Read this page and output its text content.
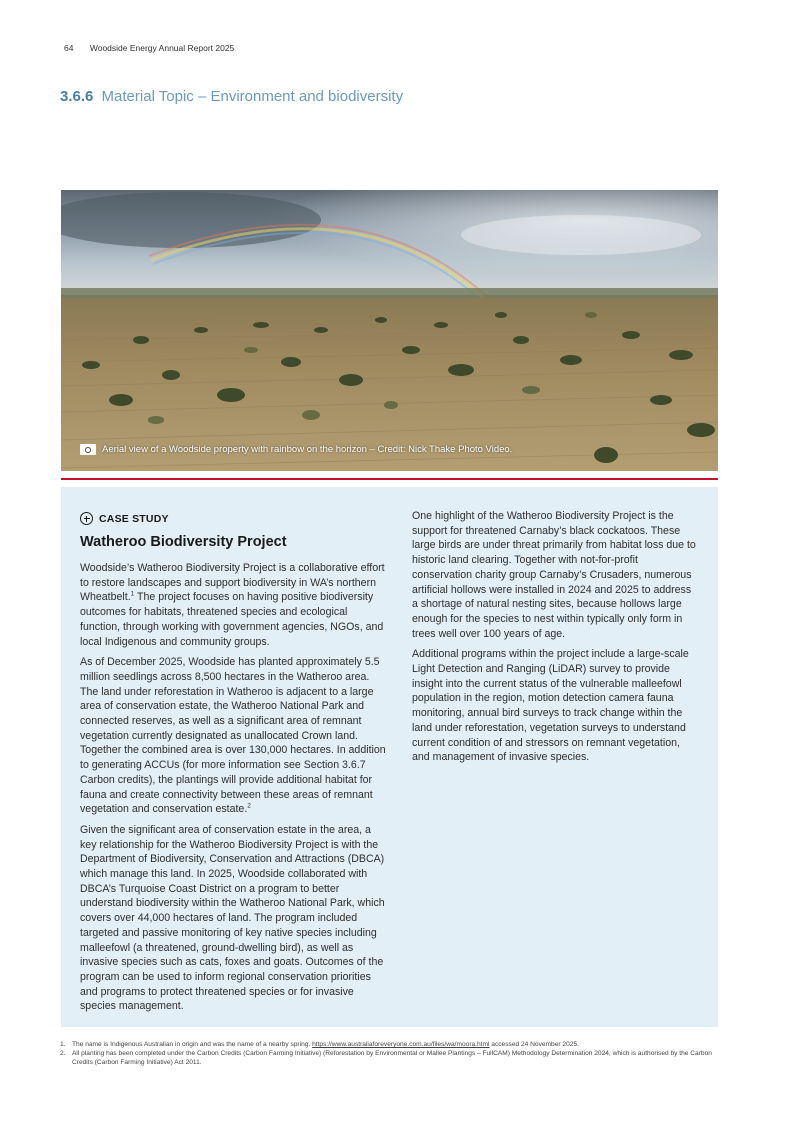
64 Woodside Energy Annual Report 2025
3.6.6 Material Topic – Environment and biodiversity
Aerial view of a Woodside property with rainbow on the horizon – Credit: Nick Thake Photo Video.
CASE STUDY
Watheroo Biodiversity Project

Woodside’s Watheroo Biodiversity Project is a collaborative effort to restore landscapes and support biodiversity in WA’s northern Wheatbelt.$^1$ The project focuses on having positive biodiversity outcomes for habitats, threatened species and ecological function, through working with government agencies, NGOs, and local Indigenous and community groups.

As of December 2025, Woodside has planted approximately 5.5 million seedlings across 8,500 hectares in the Watheroo area. The land under reforestation in Watheroo is adjacent to a large area of conservation estate, the Watheroo National Park and connected reserves, as well as a significant area of remnant vegetation currently designated as unallocated Crown land. Together the combined area is over 130,000 hectares. In addition to generating ACCUs (for more information see Section 3.6.7 Carbon credits), the plantings will provide additional habitat for fauna and create connectivity between these areas of remnant vegetation and conservation estate.$^2$

Given the significant area of conservation estate in the area, a key relationship for the Watheroo Biodiversity Project is with the Department of Biodiversity, Conservation and Attractions (DBCA) which manage this land. In 2025, Woodside collaborated with DBCA’s Turquoise Coast District on a program to better understand biodiversity within the Watheroo National Park, which covers over 44,000 hectares of land. The program included targeted and passive monitoring of key native species including malleefowl (a threatened, ground-dwelling bird), as well as invasive species such as cats, foxes and goats. Outcomes of the program can be used to inform regional conservation priorities and programs to protect threatened species or for invasive species management.

One highlight of the Watheroo Biodiversity Project is the support for threatened Carnaby’s black cockatoos. These large birds are under threat primarily from habitat loss due to historic land clearing. Together with not-for-profit conservation charity group Carnaby’s Crusaders, numerous artificial hollows were installed in 2024 and 2025 to address a shortage of natural nesting sites, because hollows large enough for the species to nest within typically only form in trees well over 100 years of age.

Additional programs within the project include a large-scale Light Detection and Ranging (LiDAR) survey to provide insight into the current status of the vulnerable malleefowl population in the region, motion detection camera fauna monitoring, annual bird surveys to track change within the land under reforestation, vegetation surveys to understand current condition of and stressors on remnant vegetation, and management of invasive species.

1. The name is Indigenous Australian in origin and was the name of a nearby spring. https://www.australiaforeveryone.com.au/files/wa/moora.html accessed 24 November 2025.
2. All planting has been completed under the Carbon Credits (Carbon Farming Initiative) (Reforestation by Environmental or Mallee Plantings – FullCAM) Methodology Determination 2024, which is authorised by the Carbon Credits (Carbon Farming Initiative) Act 2011.
